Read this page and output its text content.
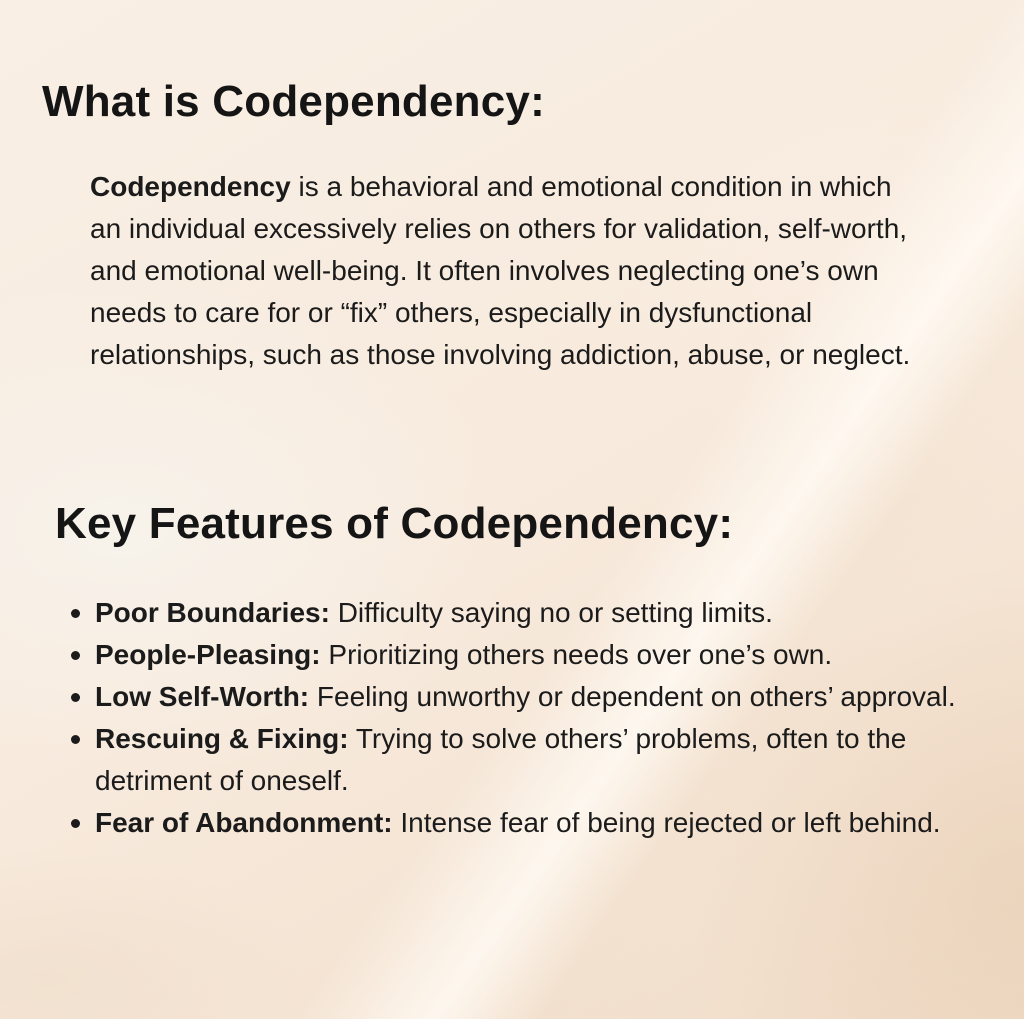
What is Codependency:

Codependency is a behavioral and emotional condition in which an individual excessively relies on others for validation, self-worth, and emotional well-being. It often involves neglecting one’s own needs to care for or “fix” others, especially in dysfunctional relationships, such as those involving addiction, abuse, or neglect.

Key Features of Codependency:
Poor Boundaries: Difficulty saying no or setting limits.
People-Pleasing: Prioritizing others needs over one’s own.
Low Self-Worth: Feeling unworthy or dependent on others’ approval.
Rescuing & Fixing: Trying to solve others’ problems, often to the detriment of oneself.
Fear of Abandonment: Intense fear of being rejected or left behind.
